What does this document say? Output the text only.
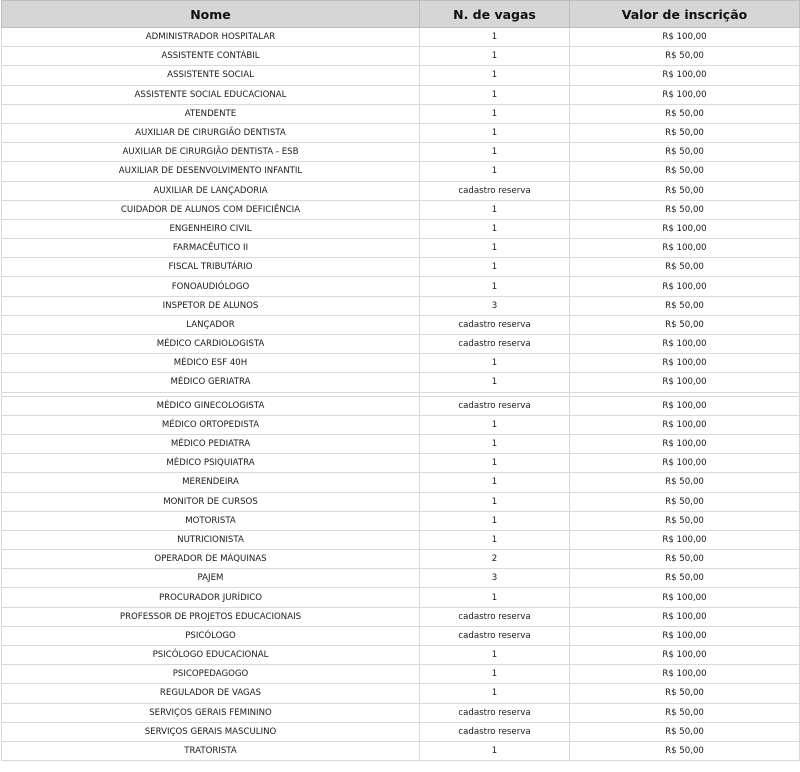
Nome	N. de vagas	Valor de inscrição
ADMINISTRADOR HOSPITALAR	1	R$ 100,00
ASSISTENTE CONTÁBIL	1	R$ 50,00
ASSISTENTE SOCIAL	1	R$ 100,00
ASSISTENTE SOCIAL EDUCACIONAL	1	R$ 100,00
ATENDENTE	1	R$ 50,00
AUXILIAR DE CIRURGIÃO DENTISTA	1	R$ 50,00
AUXILIAR DE CIRURGIÃO DENTISTA - ESB	1	R$ 50,00
AUXILIAR DE DESENVOLVIMENTO INFANTIL	1	R$ 50,00
AUXILIAR DE LANÇADORIA	cadastro reserva	R$ 50,00
CUIDADOR DE ALUNOS COM DEFICIÊNCIA	1	R$ 50,00
ENGENHEIRO CIVIL	1	R$ 100,00
FARMACÊUTICO II	1	R$ 100,00
FISCAL TRIBUTÁRIO	1	R$ 50,00
FONOAUDIÓLOGO	1	R$ 100,00
INSPETOR DE ALUNOS	3	R$ 50,00
LANÇADOR	cadastro reserva	R$ 50,00
MÉDICO CARDIOLOGISTA	cadastro reserva	R$ 100,00
MÉDICO ESF 40H	1	R$ 100,00
MÉDICO GERIATRA	1	R$ 100,00

MÉDICO GINECOLOGISTA	cadastro reserva	R$ 100,00
MÉDICO ORTOPEDISTA	1	R$ 100,00
MÉDICO PEDIATRA	1	R$ 100,00
MÉDICO PSIQUIATRA	1	R$ 100,00
MERENDEIRA	1	R$ 50,00
MONITOR DE CURSOS	1	R$ 50,00
MOTORISTA	1	R$ 50,00
NUTRICIONISTA	1	R$ 100,00
OPERADOR DE MÁQUINAS	2	R$ 50,00
PAJEM	3	R$ 50,00
PROCURADOR JURÍDICO	1	R$ 100,00
PROFESSOR DE PROJETOS EDUCACIONAIS	cadastro reserva	R$ 100,00
PSICÓLOGO	cadastro reserva	R$ 100,00
PSICÓLOGO EDUCACIONAL	1	R$ 100,00
PSICOPEDAGOGO	1	R$ 100,00
REGULADOR DE VAGAS	1	R$ 50,00
SERVIÇOS GERAIS FEMININO	cadastro reserva	R$ 50,00
SERVIÇOS GERAIS MASCULINO	cadastro reserva	R$ 50,00
TRATORISTA	1	R$ 50,00
